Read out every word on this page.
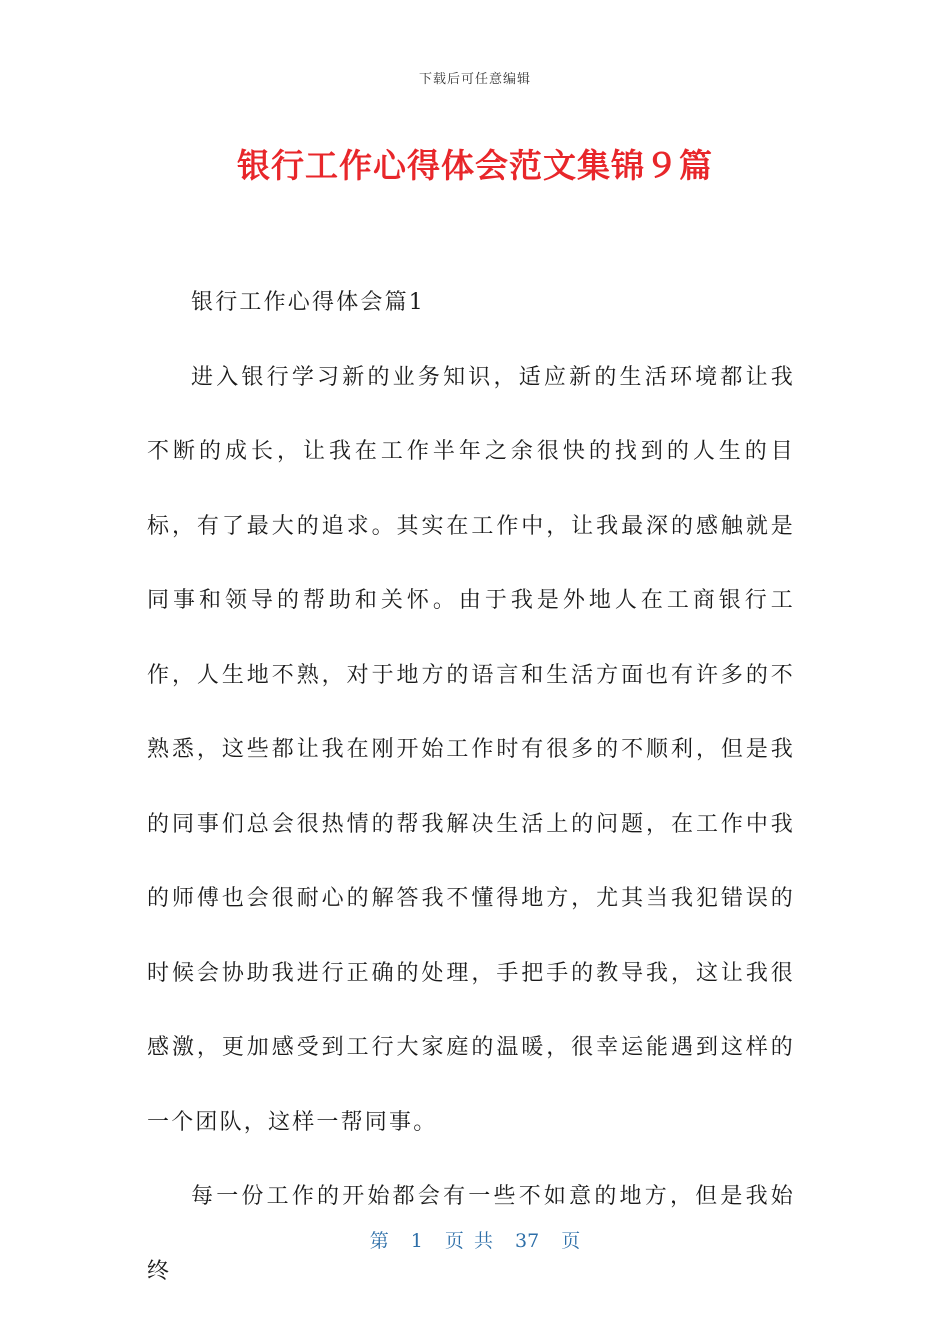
下载后可任意编辑
银行工作心得体会范文集锦９篇

银行工作心得体会篇1

进入银行学习新的业务知识，适应新的生活环境都让我不断的成长，让我在工作半年之余很快的找到的人生的目标，有了最大的追求。其实在工作中，让我最深的感触就是同事和领导的帮助和关怀。由于我是外地人在工商银行工作，人生地不熟，对于地方的语言和生活方面也有许多的不熟悉，这些都让我在刚开始工作时有很多的不顺利，但是我的同事们总会很热情的帮我解决生活上的问题，在工作中我的师傅也会很耐心的解答我不懂得地方，尤其当我犯错误的时候会协助我进行正确的处理，手把手的教导我，这让我很感激，更加感受到工行大家庭的温暖，很幸运能遇到这样的一个团队，这样一帮同事。

每一份工作的开始都会有一些不如意的地方，但是我始终

第 1 页 共 37 页
